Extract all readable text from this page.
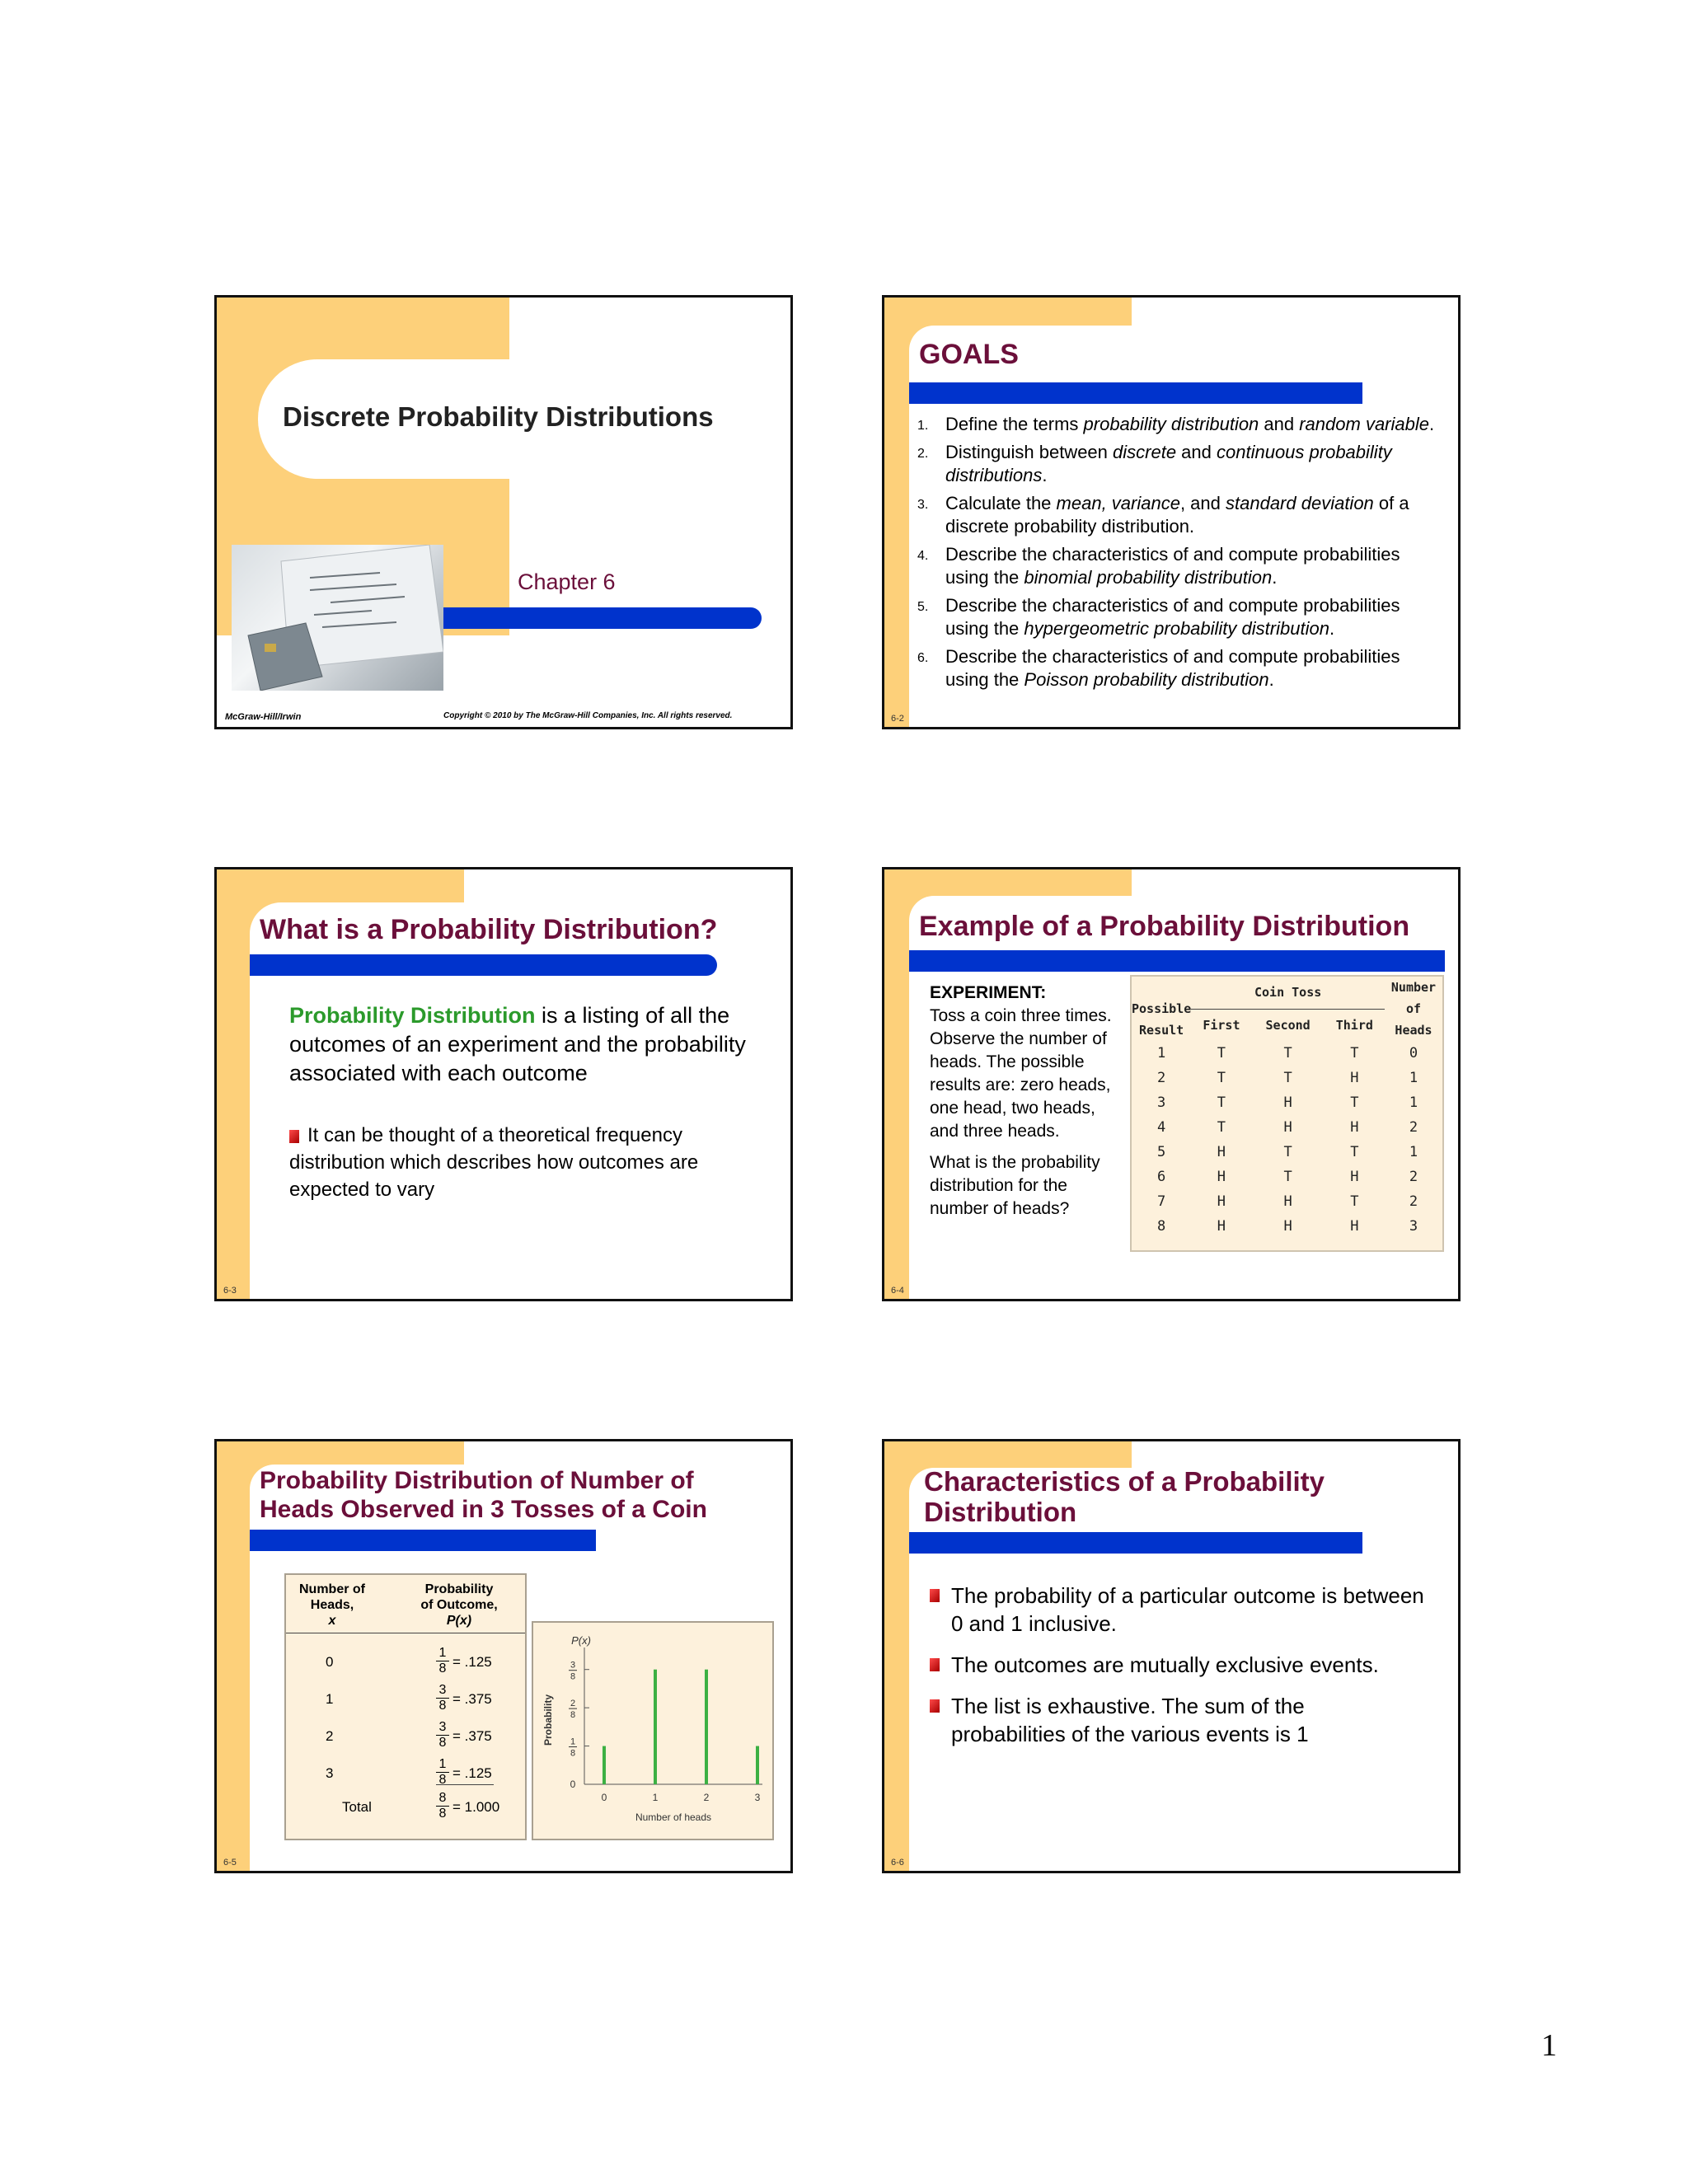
Discrete Probability Distributions
Chapter 6
McGraw-Hill/Irwin	Copyright © 2010 by The McGraw-Hill Companies, Inc. All rights reserved.
GOALS
1. Define the terms probability distribution and random variable.
2. Distinguish between discrete and continuous probability distributions.
3. Calculate the mean, variance, and standard deviation of a discrete probability distribution.
4. Describe the characteristics of and compute probabilities using the binomial probability distribution.
5. Describe the characteristics of and compute probabilities using the hypergeometric probability distribution.
6. Describe the characteristics of and compute probabilities using the Poisson probability distribution.
6-2
What is a Probability Distribution?
Probability Distribution is a listing of all the outcomes of an experiment and the probability associated with each outcome
It can be thought of a theoretical frequency distribution which describes how outcomes are expected to vary
6-3
Example of a Probability Distribution
EXPERIMENT:
Toss a coin three times. Observe the number of heads. The possible results are: zero heads, one head, two heads, and three heads.
What is the probability distribution for the number of heads?
Possible Result	Coin Toss			Number of Heads
	First	Second	Third	
1	T	T	T	0
2	T	T	H	1
3	T	H	T	1
4	T	H	H	2
5	H	T	T	1
6	H	T	H	2
7	H	H	T	2
8	H	H	H	3
6-4
Probability Distribution of Number of
Heads Observed in 3 Tosses of a Coin
Number of
Heads,
x
Probability
of Outcome,
P(x)
0	$\frac{1}{8} = .125$
1	$\frac{3}{8} = .375$
2	$\frac{3}{8} = .375$
3	$\frac{1}{8} = .125$
Total	$\frac{8}{8} = 1.000$
P(x)
Probability
0
1
8
2
8
3
8
0	1	2	3
Number of heads
6-5
Characteristics of a Probability
Distribution
The probability of a particular outcome is between 0 and 1 inclusive.
The outcomes are mutually exclusive events.
The list is exhaustive. The sum of the probabilities of the various events is 1
6-6
1
